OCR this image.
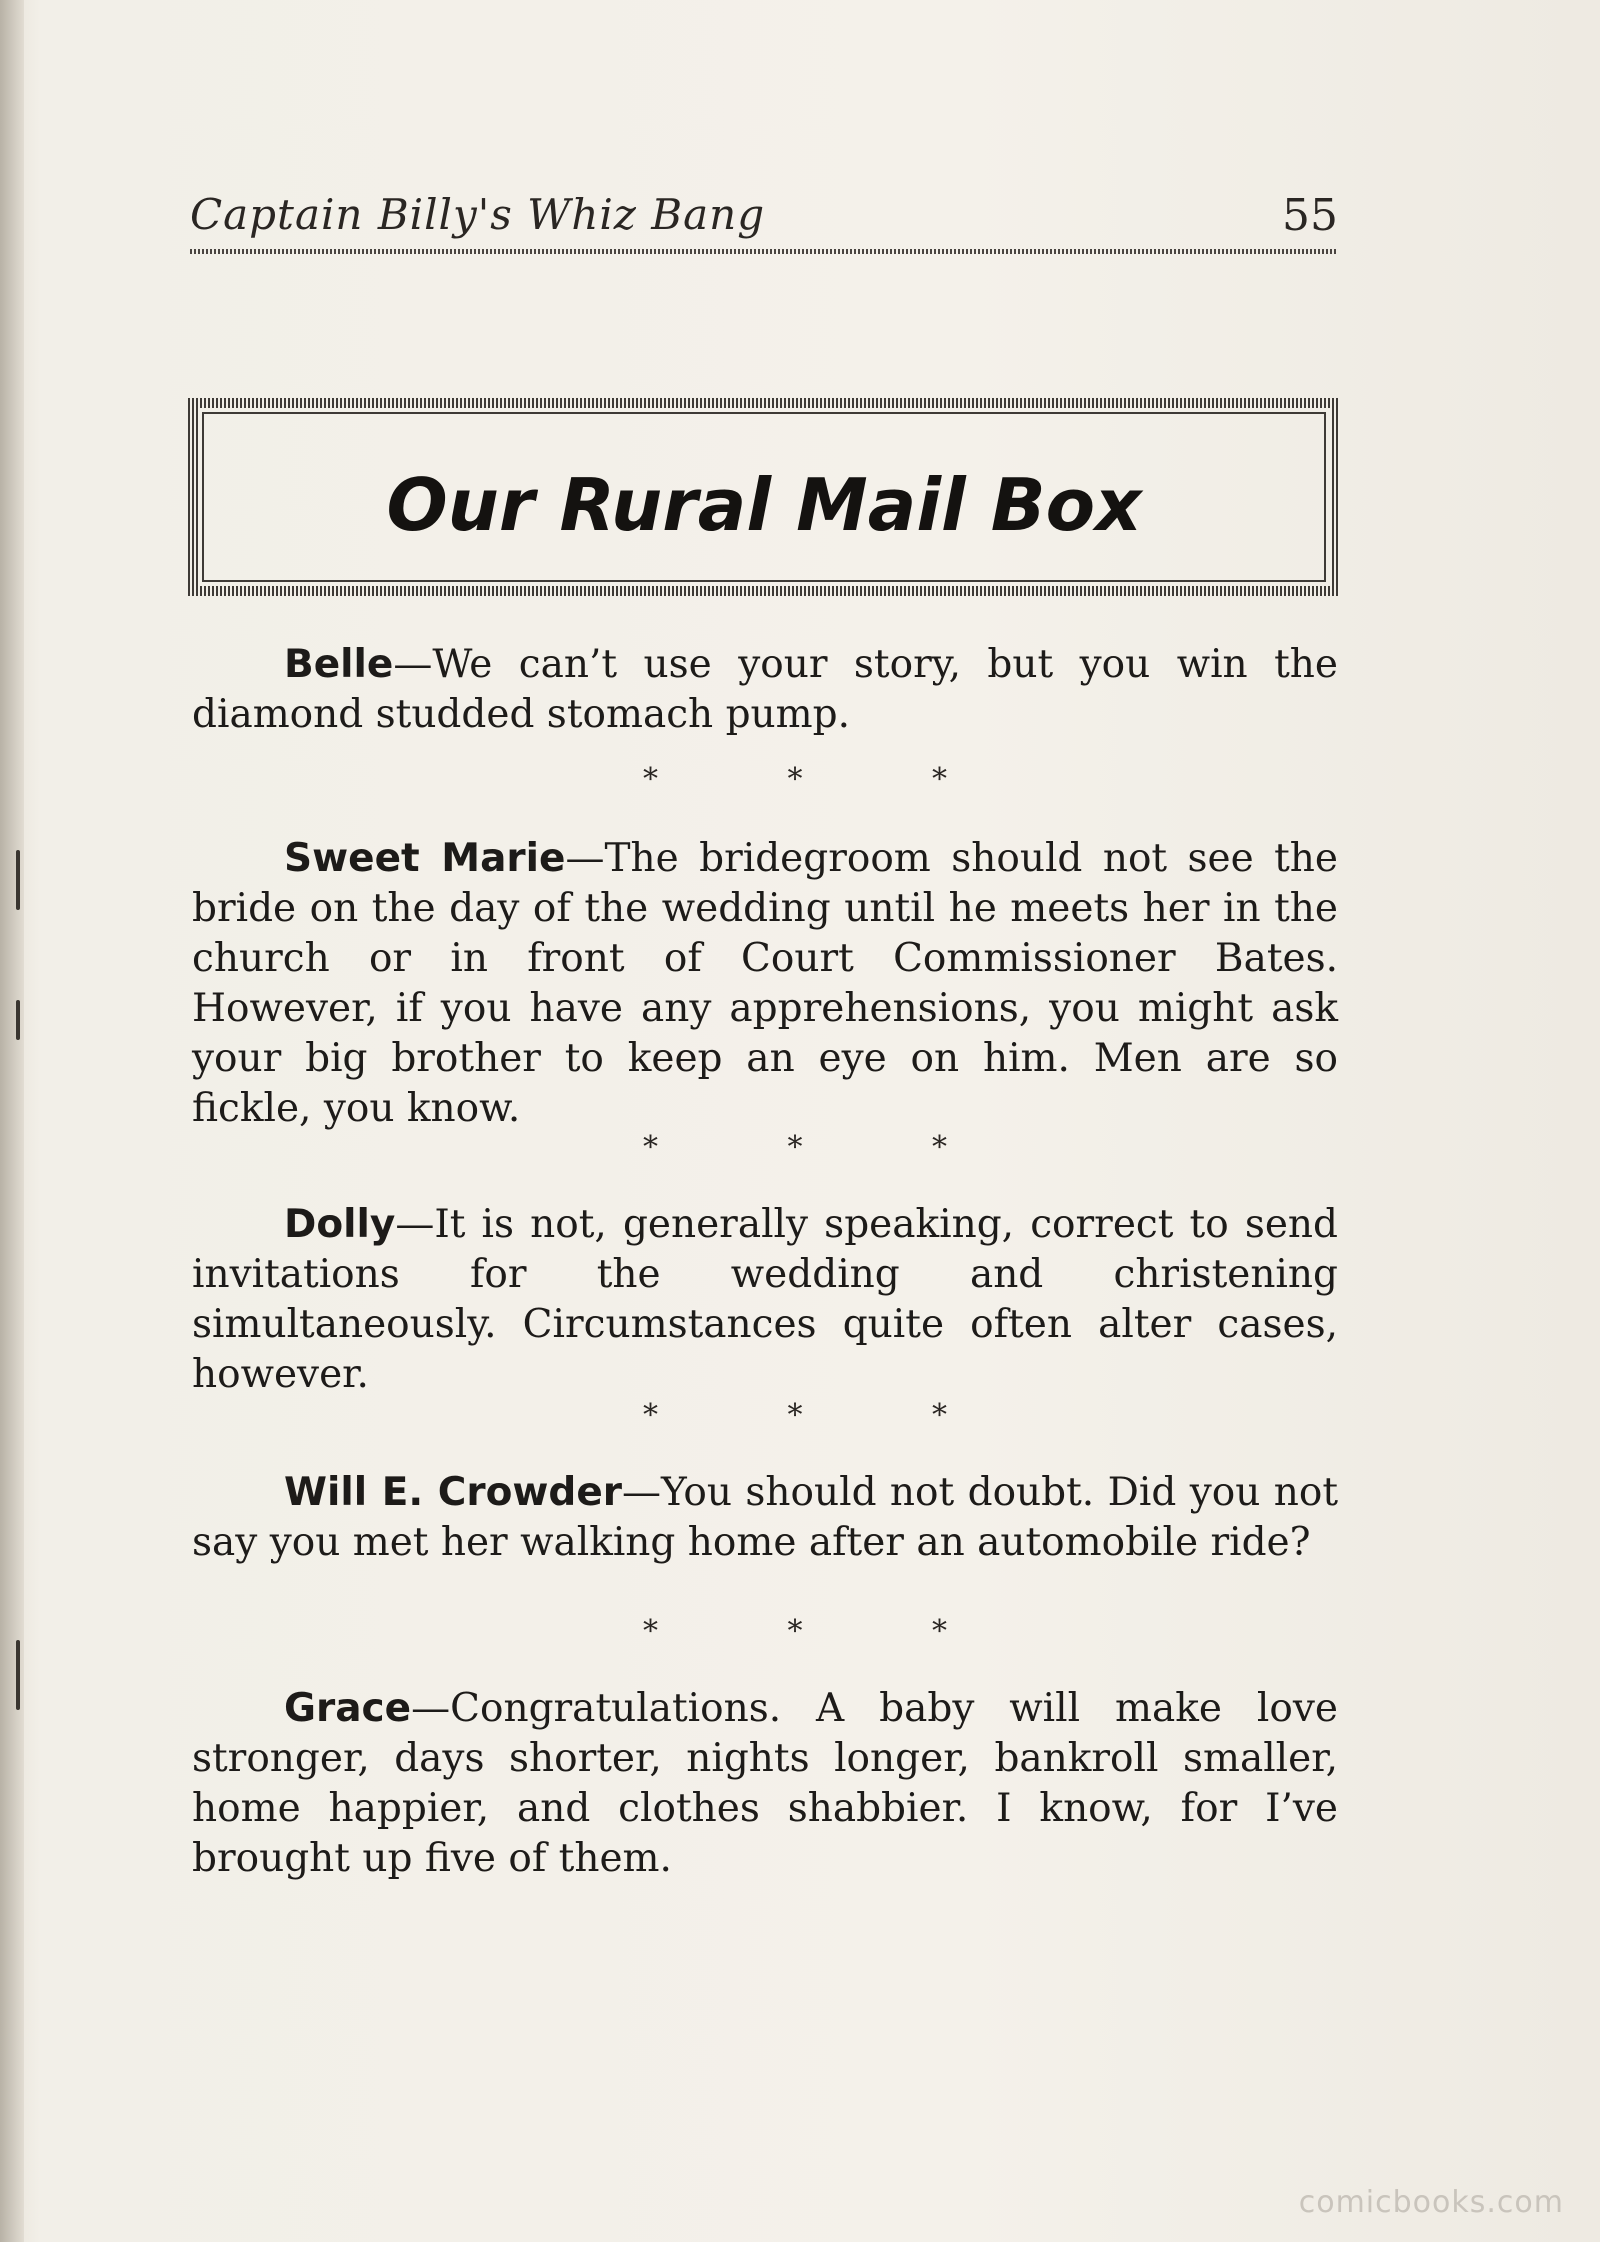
Captain Billy's Whiz Bang	55
Our Rural Mail Box

Belle—We can’t use your story, but you win the diamond studded stomach pump.

* * *

Sweet Marie—The bridegroom should not see the bride on the day of the wedding until he meets her in the church or in front of Court Commissioner Bates. However, if you have any apprehensions, you might ask your big brother to keep an eye on him. Men are so fickle, you know.

* * *

Dolly—It is not, generally speaking, correct to send invitations for the wedding and christening simultaneously. Circumstances quite often alter cases, however.

* * *

Will E. Crowder—You should not doubt. Did you not say you met her walking home after an automobile ride?

* * *

Grace—Congratulations. A baby will make love stronger, days shorter, nights longer, bankroll smaller, home happier, and clothes shabbier. I know, for I’ve brought up five of them.

comicbooks.com
